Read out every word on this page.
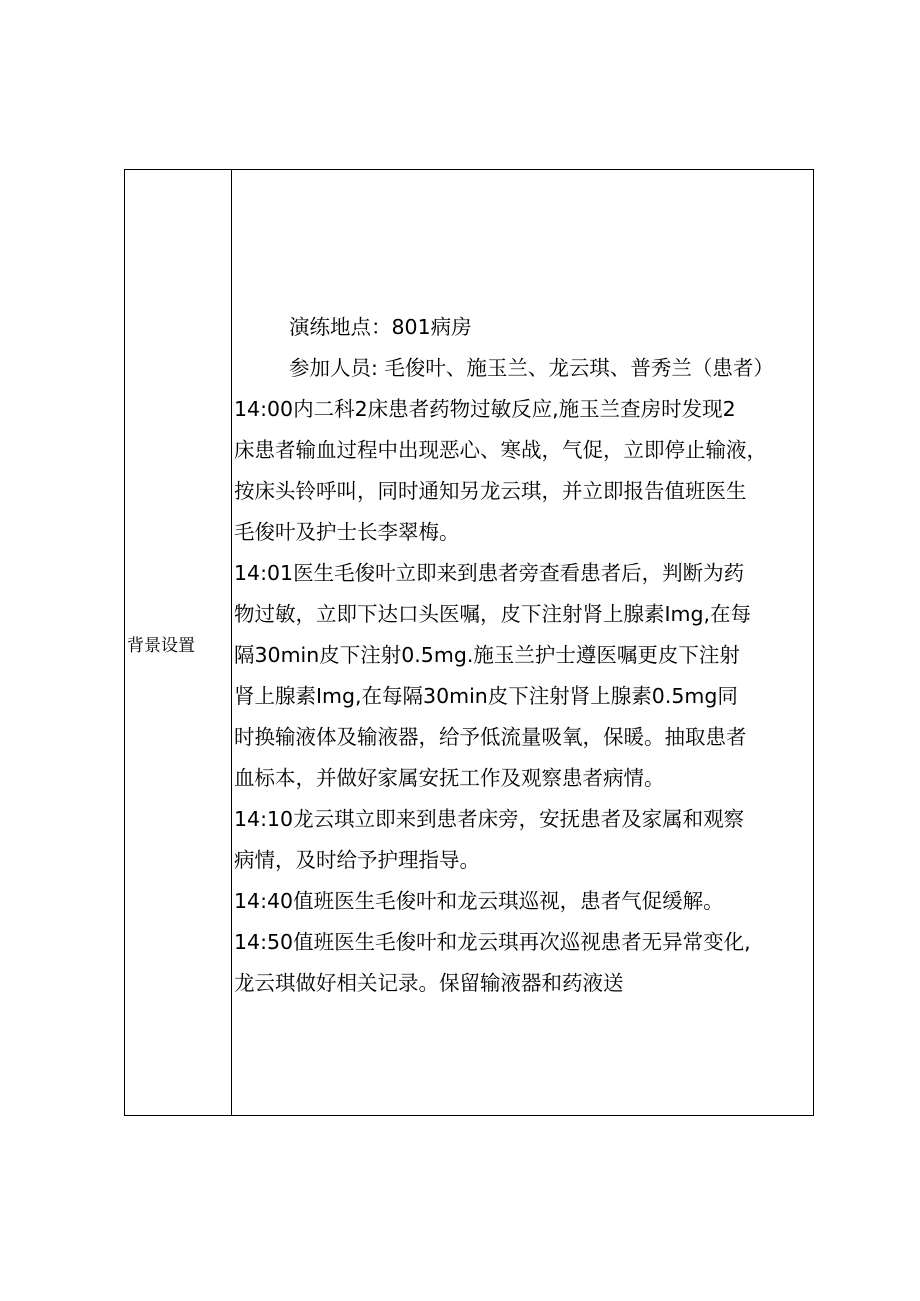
背景设置

演练地点：801病房

参加人员: 毛俊叶、施玉兰、龙云琪、普秀兰（患者）

14:00内二科2床患者药物过敏反应,施玉兰查房时发现2

床患者输血过程中出现恶心、寒战，气促，立即停止输液，

按床头铃呼叫，同时通知另龙云琪，并立即报告值班医生

毛俊叶及护士长李翠梅。

14:01医生毛俊叶立即来到患者旁查看患者后，判断为药

物过敏，立即下达口头医嘱，皮下注射肾上腺素Img,在每

隔30min皮下注射0.5mg.施玉兰护士遵医嘱更皮下注射

肾上腺素Img,在每隔30min皮下注射肾上腺素0.5mg同

时换输液体及输液器，给予低流量吸氧，保暖。抽取患者

血标本，并做好家属安抚工作及观察患者病情。

14:10龙云琪立即来到患者床旁，安抚患者及家属和观察

病情，及时给予护理指导。

14:40值班医生毛俊叶和龙云琪巡视，患者气促缓解。

14:50值班医生毛俊叶和龙云琪再次巡视患者无异常变化,

龙云琪做好相关记录。保留输液器和药液送
